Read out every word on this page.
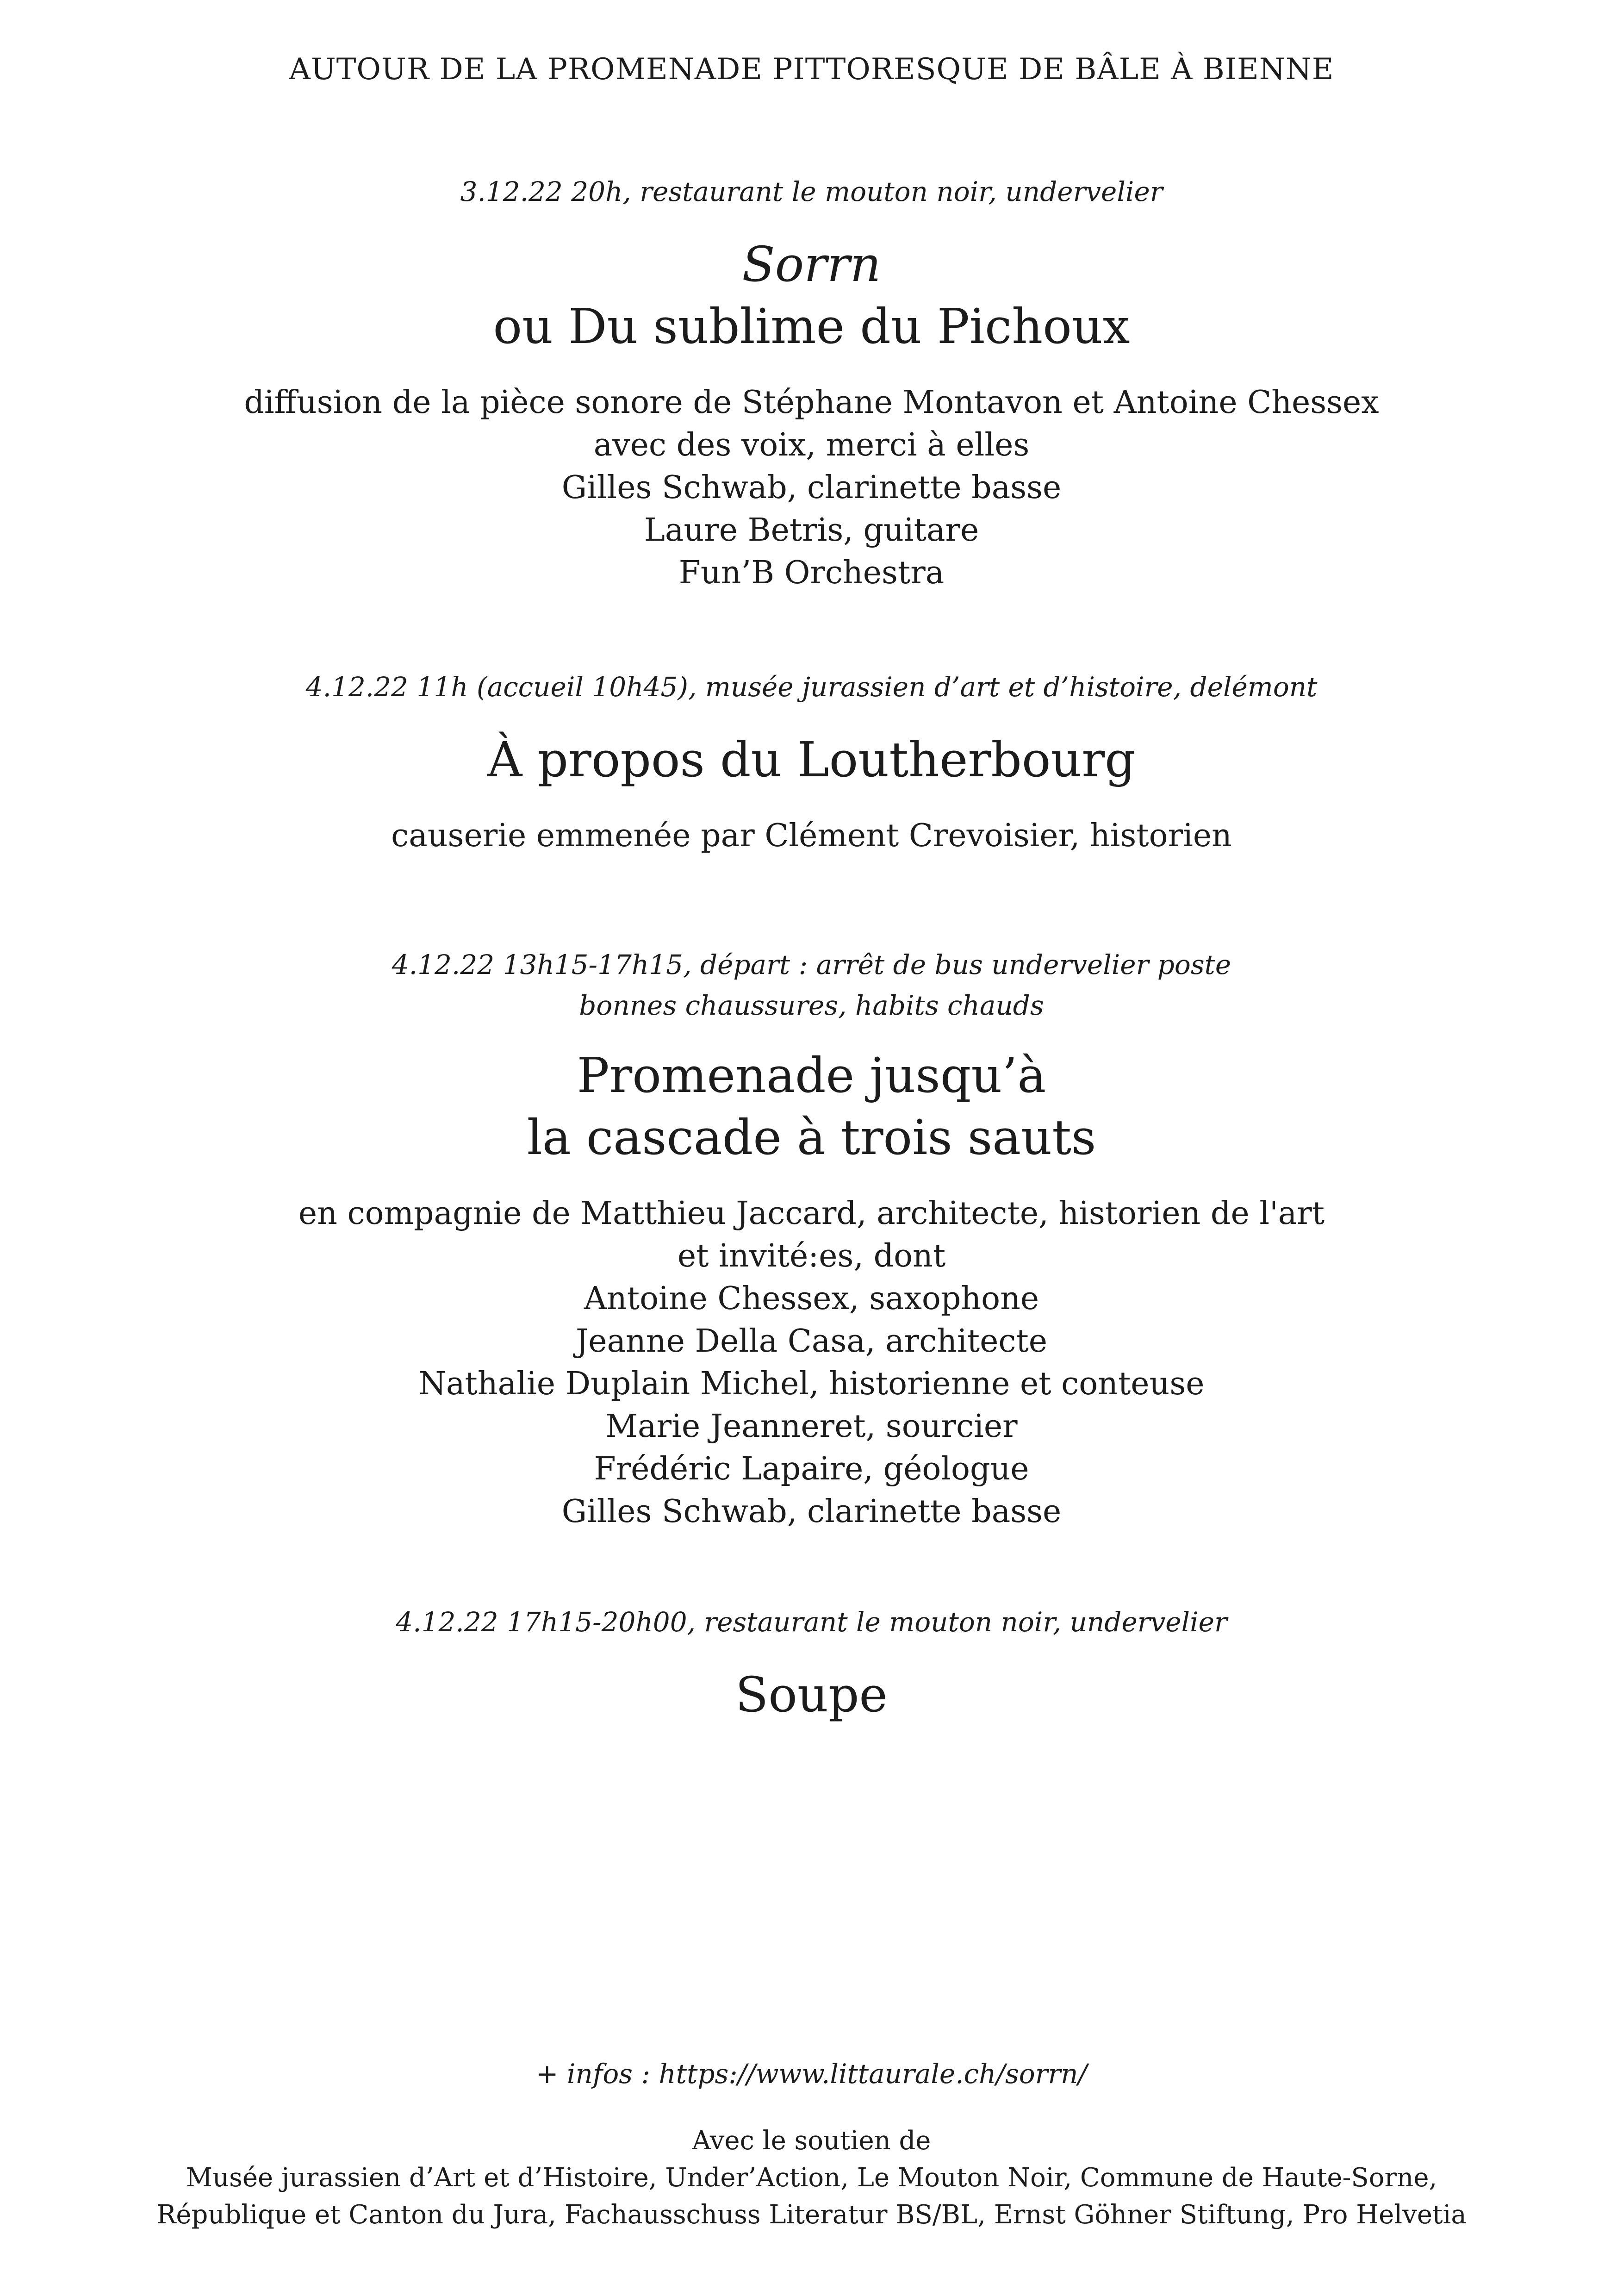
AUTOUR DE LA PROMENADE PITTORESQUE DE BÂLE À BIENNE
3.12.22 20h, restaurant le mouton noir, undervelier
Sorrn
ou Du sublime du Pichoux
diffusion de la pièce sonore de Stéphane Montavon et Antoine Chessex
avec des voix, merci à elles
Gilles Schwab, clarinette basse
Laure Betris, guitare
Fun’B Orchestra
4.12.22 11h (accueil 10h45), musée jurassien d’art et d’histoire, delémont
À propos du Loutherbourg
causerie emmenée par Clément Crevoisier, historien
4.12.22 13h15-17h15, départ : arrêt de bus undervelier poste
bonnes chaussures, habits chauds
Promenade jusqu’à
la cascade à trois sauts
en compagnie de Matthieu Jaccard, architecte, historien de l'art
et invité:es, dont
Antoine Chessex, saxophone
Jeanne Della Casa, architecte
Nathalie Duplain Michel, historienne et conteuse
Marie Jeanneret, sourcier
Frédéric Lapaire, géologue
Gilles Schwab, clarinette basse
4.12.22 17h15-20h00, restaurant le mouton noir, undervelier
Soupe
+ infos : https://www.littaurale.ch/sorrn/
Avec le soutien de
Musée jurassien d’Art et d’Histoire, Under’Action, Le Mouton Noir, Commune de Haute-Sorne,
République et Canton du Jura, Fachausschuss Literatur BS/BL, Ernst Göhner Stiftung, Pro Helvetia
